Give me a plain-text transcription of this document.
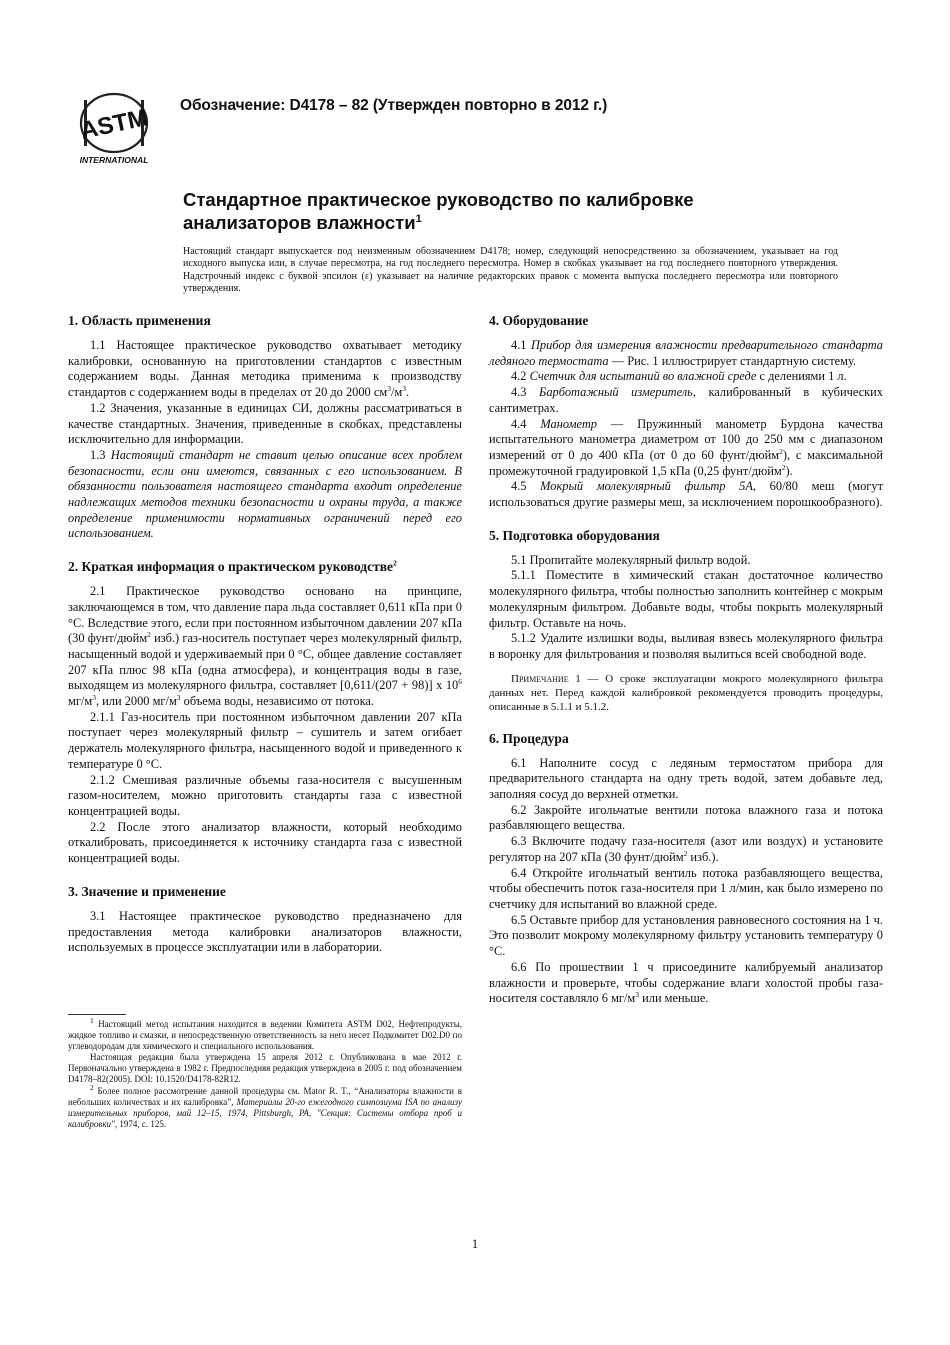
ASTM
INTERNATIONAL
Обозначение: D4178 – 82 (Утвержден повторно в 2012 г.)
Стандартное практическое руководство по калибровке анализаторов влажности$^1$
Настоящий стандарт выпускается под неизменным обозначением D4178; номер, следующий непосредственно за обозначением, указывает на год исходного выпуска или, в случае пересмотра, на год последнего пересмотра. Номер в скобках указывает на год последнего повторного утверждения. Надстрочный индекс с буквой эпсилон (ε) указывает на наличие редакторских правок с момента выпуска последнего пересмотра или повторного утверждения.
1. Область применения

1.1 Настоящее практическое руководство охватывает методику калибровки, основанную на приготовлении стандартов с известным содержанием воды. Данная методика применима к производству стандартов с содержанием воды в пределах от 20 до 2000 $см^3/м^3$.

1.2 Значения, указанные в единицах СИ, должны рассматриваться в качестве стандартных. Значения, приведенные в скобках, представлены исключительно для информации.

1.3 Настоящий стандарт не ставит целью описание всех проблем безопасности, если они имеются, связанных с его использованием. В обязанности пользователя настоящего стандарта входит определение надлежащих методов техники безопасности и охраны труда, а также определение применимости нормативных ограничений перед его использованием.

2. Краткая информация о практическом руководстве$^2$

2.1 Практическое руководство основано на принципе, заключающемся в том, что давление пара льда составляет 0,611 кПа при 0 °C. Вследствие этого, если при постоянном избыточном давлении 207 кПа (30 фунт/дюйм$^2$ изб.) газ-носитель поступает через молекулярный фильтр, насыщенный водой и удерживаемый при 0 °C, общее давление составляет 207 кПа плюс 98 кПа (одна атмосфера), и концентрация воды в газе, выходящем из молекулярного фильтра, составляет [0,611/(207 + 98)] x $10^6$ $мг/м^3$, или 2000 $мг/м^3$ объема воды, независимо от потока.

2.1.1 Газ-носитель при постоянном избыточном давлении 207 кПа поступает через молекулярный фильтр – сушитель и затем огибает держатель молекулярного фильтра, насыщенного водой и приведенного к температуре 0 °C.

2.1.2 Смешивая различные объемы газа-носителя с высушенным газом-носителем, можно приготовить стандарты газа с известной концентрацией воды.

2.2 После этого анализатор влажности, который необходимо откалибровать, присоединяется к источнику стандарта газа с известной концентрацией воды.

3. Значение и применение

3.1 Настоящее практическое руководство предназначено для предоставления метода калибровки анализаторов влажности, используемых в процессе эксплуатации или в лаборатории.

$^1$ Настоящий метод испытания находится в ведении Комитета ASTM D02, Нефтепродукты, жидкое топливо и смазки, и непосредственную ответственность за него несет Подкомитет D02.D0 по углеводородам для химического и специального использования.

Настоящая редакция была утверждена 15 апреля 2012 г. Опубликована в мае 2012 г. Первоначально утверждена в 1982 г. Предпоследняя редакция утверждена в 2005 г. под обозначением D4178–82(2005). DOI: 10.1520/D4178-82R12.

$^2$ Более полное рассмотрение данной процедуры см. Mator R. T., “Анализаторы влажности в небольших количествах и их калибровка”, Материалы 20-го ежегодного симпозиума ISA по анализу измерительных приборов, май 12–15, 1974, Pittsburgh, PA, "Секция: Системы отбора проб и калибровки", 1974, с. 125.

4. Оборудование

4.1 Прибор для измерения влажности предварительного стандарта ледяного термостата — Рис. 1 иллюстрирует стандартную систему.

4.2 Счетчик для испытаний во влажной среде с делениями 1 л.

4.3 Барботажный измеритель, калиброванный в кубических сантиметрах.

4.4 Манометр — Пружинный манометр Бурдона качества испытательного манометра диаметром от 100 до 250 мм с диапазоном измерений от 0 до 400 кПа (от 0 до 60 фунт/дюйм$^2$), с максимальной промежуточной градуировкой 1,5 кПа (0,25 фунт/дюйм$^2$).

4.5 Мокрый молекулярный фильтр 5А, 60/80 меш (могут использоваться другие размеры меш, за исключением порошкообразного).

5. Подготовка оборудования

5.1 Пропитайте молекулярный фильтр водой.

5.1.1 Поместите в химический стакан достаточное количество молекулярного фильтра, чтобы полностью заполнить контейнер с мокрым молекулярным фильтром. Добавьте воды, чтобы покрыть молекулярный фильтр. Оставьте на ночь.

5.1.2 Удалите излишки воды, выливая взвесь молекулярного фильтра в воронку для фильтрования и позволяя вылиться всей свободной воде.

Примечание 1 — О сроке эксплуатации мокрого молекулярного фильтра данных нет. Перед каждой калибровкой рекомендуется проводить процедуры, описанные в 5.1.1 и 5.1.2.

6. Процедура

6.1 Наполните сосуд с ледяным термостатом прибора для предварительного стандарта на одну треть водой, затем добавьте лед, заполняя сосуд до верхней отметки.

6.2 Закройте игольчатые вентили потока влажного газа и потока разбавляющего вещества.

6.3 Включите подачу газа-носителя (азот или воздух) и установите регулятор на 207 кПа (30 фунт/дюйм$^2$ изб.).

6.4 Откройте игольчатый вентиль потока разбавляющего вещества, чтобы обеспечить поток газа-носителя при 1 л/мин, как было измерено по счетчику для испытаний во влажной среде.

6.5 Оставьте прибор для установления равновесного состояния на 1 ч. Это позволит мокрому молекулярному фильтру установить температуру 0 °C.

6.6 По прошествии 1 ч присоедините калибруемый анализатор влажности и проверьте, чтобы содержание влаги холостой пробы газа-носителя составляло 6 $мг/м^3$ или меньше.

1
